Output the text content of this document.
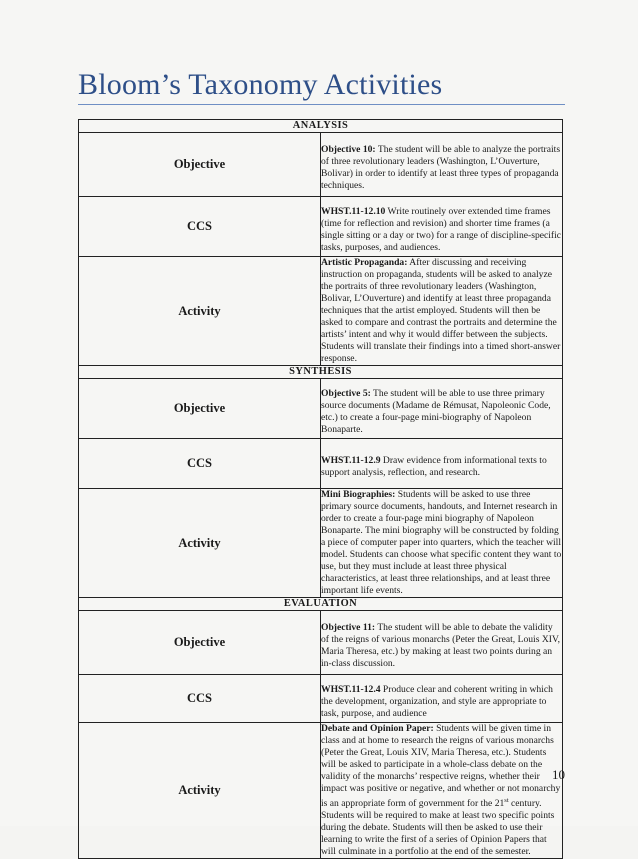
Bloom’s Taxonomy Activities
ANALYSIS	
Objective	Objective 10: The student will be able to analyze the portraits of three revolutionary leaders (Washington, L’Ouverture, Bolivar) in order to identify at least three types of propaganda techniques.
CCS	WHST.11-12.10 Write routinely over extended time frames (time for reflection and revision) and shorter time frames (a single sitting or a day or two) for a range of discipline-specific tasks, purposes, and audiences.
Activity	Artistic Propaganda: After discussing and receiving instruction on propaganda, students will be asked to analyze the portraits of three revolutionary leaders (Washington, Bolivar, L’Ouverture) and identify at least three propaganda techniques that the artist employed. Students will then be asked to compare and contrast the portraits and determine the artists’ intent and why it would differ between the subjects. Students will translate their findings into a timed short-answer response.
SYNTHESIS	
Objective	Objective 5: The student will be able to use three primary source documents (Madame de Rémusat, Napoleonic Code, etc.) to create a four-page mini-biography of Napoleon Bonaparte.
CCS	WHST.11-12.9 Draw evidence from informational texts to support analysis, reflection, and research.
Activity	Mini Biographies: Students will be asked to use three primary source documents, handouts, and Internet research in order to create a four-page mini biography of Napoleon Bonaparte. The mini biography will be constructed by folding a piece of computer paper into quarters, which the teacher will model. Students can choose what specific content they want to use, but they must include at least three physical characteristics, at least three relationships, and at least three important life events.
EVALUATION	
Objective	Objective 11: The student will be able to debate the validity of the reigns of various monarchs (Peter the Great, Louis XIV, Maria Theresa, etc.) by making at least two points during an in-class discussion.
CCS	WHST.11-12.4 Produce clear and coherent writing in which the development, organization, and style are appropriate to task, purpose, and audience
Activity	Debate and Opinion Paper: Students will be given time in class and at home to research the reigns of various monarchs (Peter the Great, Louis XIV, Maria Theresa, etc.). Students will be asked to participate in a whole-class debate on the validity of the monarchs’ respective reigns, whether their impact was positive or negative, and whether or not monarchy is an appropriate form of government for the 21st century. Students will be required to make at least two specific points during the debate. Students will then be asked to use their learning to write the first of a series of Opinion Papers that will culminate in a portfolio at the end of the semester.
10
